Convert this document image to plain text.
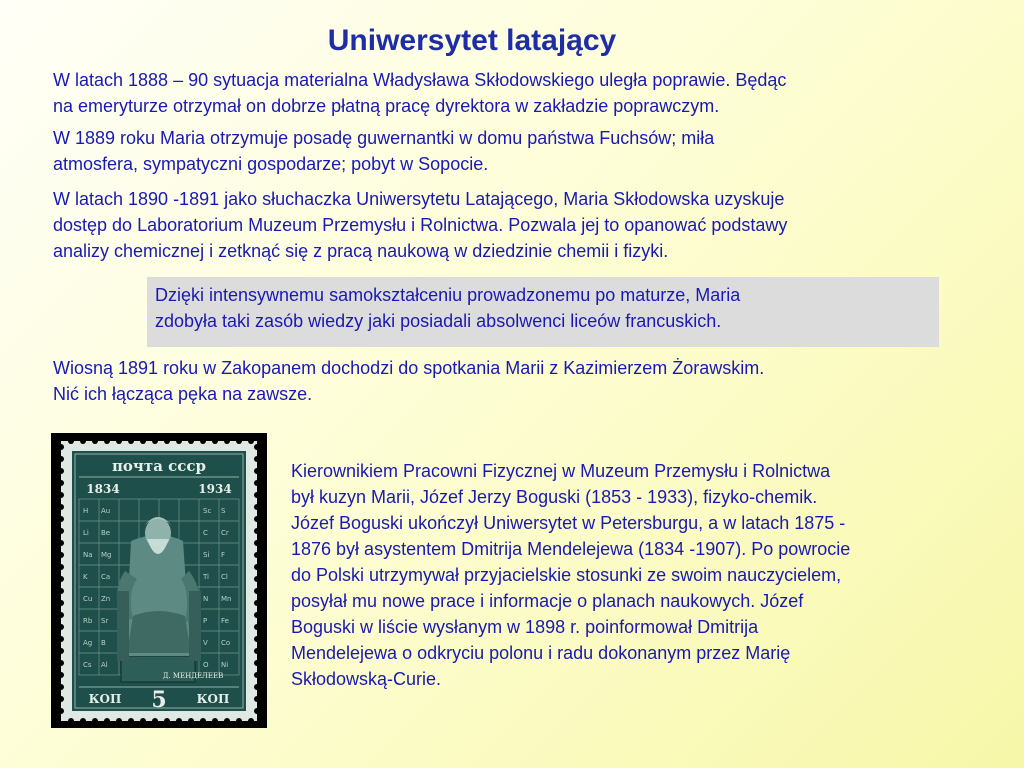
Uniwersytet latający

W latach 1888 – 90 sytuacja materialna Władysława Skłodowskiego uległa poprawie. Będąc
na emeryturze otrzymał on dobrze płatną pracę dyrektora w zakładzie poprawczym.

W 1889 roku Maria otrzymuje posadę guwernantki w domu państwa Fuchsów; miła
atmosfera, sympatyczni gospodarze; pobyt w Sopocie.

W latach 1890 -1891 jako słuchaczka Uniwersytetu Latającego, Maria Skłodowska uzyskuje
dostęp do Laboratorium Muzeum Przemysłu i Rolnictwa. Pozwala jej to opanować podstawy
analizy chemicznej i zetknąć się z pracą naukową w dziedzinie chemii i fizyki.

Dzięki intensywnemu samokształceniu prowadzonemu po maturze, Maria
zdobyła taki zasób wiedzy jaki posiadali absolwenci liceów francuskich.

Wiosną 1891 roku w Zakopanem dochodzi do spotkania Marii z Kazimierzem Żorawskim.
Nić ich łącząca pęka na zawsze.

почта ссср
1834	1934
H
Li
Na
K
Cu
Rb
Ag
Cs
Au
Be
Mg
Ca
Zn
Sr
B
Al
Sc
C
Si
Ti
N
P
V
O
S
Cr
F
Cl
Mn
Fe
Co
Ni
Д. МЕНДЕЛЕЕВ
КОП 5 КОП

Kierownikiem Pracowni Fizycznej w Muzeum Przemysłu i Rolnictwa
był kuzyn Marii, Józef Jerzy Boguski (1853 - 1933), fizyko-chemik.
Józef Boguski ukończył Uniwersytet w Petersburgu, a w latach 1875 -
1876 był asystentem Dmitrija Mendelejewa (1834 -1907). Po powrocie
do Polski utrzymywał przyjacielskie stosunki ze swoim nauczycielem,
posyłał mu nowe prace i informacje o planach naukowych. Józef
Boguski w liście wysłanym w 1898 r. poinformował Dmitrija
Mendelejewa o odkryciu polonu i radu dokonanym przez Marię
Skłodowską-Curie.
